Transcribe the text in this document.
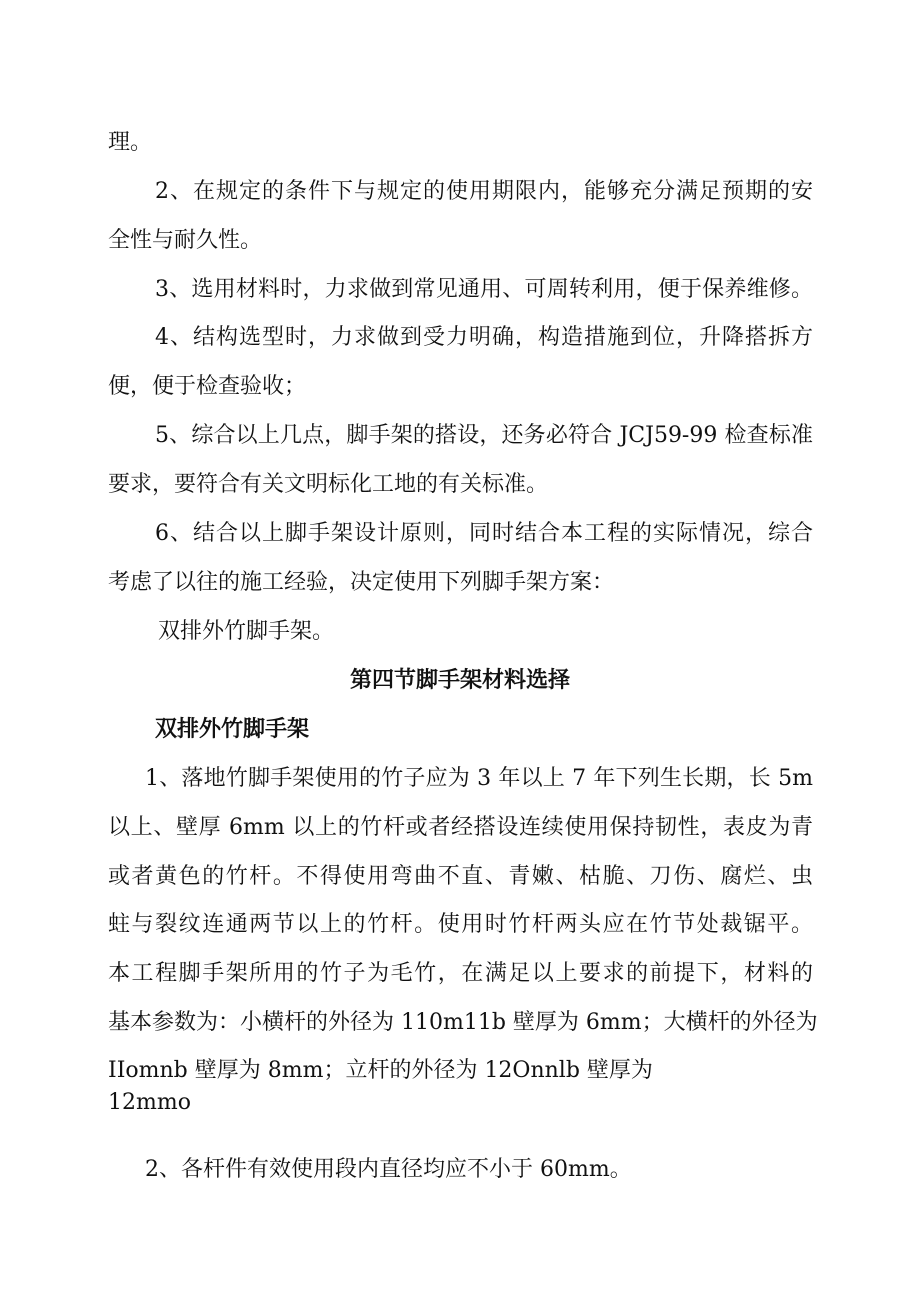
理。
2、在规定的条件下与规定的使用期限内，能够充分满足预期的安
全性与耐久性。
3、选用材料时，力求做到常见通用、可周转利用，便于保养维修。
4、结构选型时，力求做到受力明确，构造措施到位，升降搭拆方
便，便于检查验收；
5、综合以上几点，脚手架的搭设，还务必符合 JCJ59-99 检查标准
要求，要符合有关文明标化工地的有关标准。
6、结合以上脚手架设计原则，同时结合本工程的实际情况，综合
考虑了以往的施工经验，决定使用下列脚手架方案：
双排外竹脚手架。
第四节脚手架材料选择
双排外竹脚手架
1、落地竹脚手架使用的竹子应为 3 年以上 7 年下列生长期，长 5m
以上、壁厚 6mm 以上的竹杆或者经搭设连续使用保持韧性，表皮为青
或者黄色的竹杆。不得使用弯曲不直、青嫩、枯脆、刀伤、腐烂、虫
蛀与裂纹连通两节以上的竹杆。使用时竹杆两头应在竹节处裁锯平。
本工程脚手架所用的竹子为毛竹，在满足以上要求的前提下，材料的
基本参数为：小横杆的外径为 110m11b 壁厚为 6mm；大横杆的外径为
IIomnb 壁厚为 8mm；立杆的外径为 12Onnlb 壁厚为
12mmo
2、各杆件有效使用段内直径均应不小于 60mm。
